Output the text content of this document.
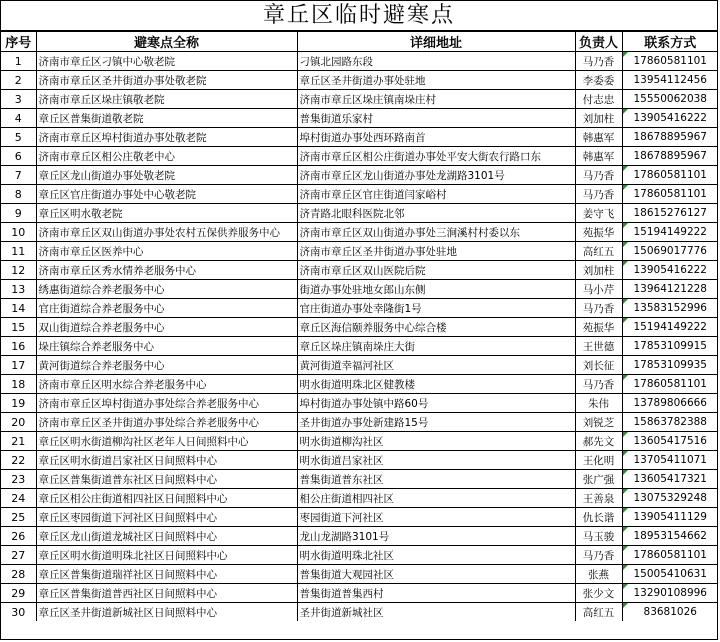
章丘区临时避寒点
序号	避寒点全称	详细地址	负责人	联系方式
1	济南市章丘区刁镇中心敬老院	刁镇北园路东段	马乃香	17860581101
2	济南市章丘区圣井街道办事处敬老院	章丘区圣井街道办事处驻地	李委委	13954112456
3	济南市章丘区垛庄镇敬老院	济南市章丘区垛庄镇南垛庄村	付志忠	15550062038
4	章丘区普集街道敬老院	普集街道乐家村	刘加柱	13905416222
5	济南市章丘区埠村街道办事处敬老院	埠村街道办事处西环路南首	韩惠军	18678895967
6	济南市章丘区相公庄敬老中心	济南市章丘区相公庄街道办事处平安大街农行路口东	韩惠军	18678895967
7	章丘区龙山街道办事处敬老院	济南市章丘区龙山街道办事处龙湖路3101号	马乃香	17860581101
8	章丘区官庄街道办事处中心敬老院	济南市章丘区官庄街道闫家峪村	马乃香	17860581101
9	章丘区明水敬老院	济青路北眼科医院北邻	姜守飞	18615276127
10	济南市章丘区双山街道办事处农村五保供养服务中心	济南市章丘区双山街道办事处三涧溪村村委以东	苑振华	15194149222
11	济南市章丘区医养中心	济南市章丘区圣井街道办事处驻地	高红五	15069017776
12	济南市章丘区秀水情养老服务中心	济南市章丘区双山医院后院	刘加柱	13905416222
13	绣惠街道综合养老服务中心	街道办事处驻地女郎山东侧	马小芹	13964121228
14	官庄街道综合养老服务中心	官庄街道办事处幸隆街1号	马乃香	13583152996
15	双山街道综合养老服务中心	章丘区海信颐养服务中心综合楼	苑振华	15194149222
16	垛庄镇综合养老服务中心	章丘区垛庄镇南垛庄大街	王世德	17853109915
17	黄河街道综合养老服务中心	黄河街道幸福河社区	刘长征	17853109935
18	济南市章丘区明水综合养老服务中心	明水街道明珠北区健教楼	马乃香	17860581101
19	济南市章丘区埠村街道办事处综合养老服务中心	埠村街道办事处镇中路60号	朱伟	13789806666
20	济南市章丘区圣井街道办事处综合养老服务中心	圣井街道办事处新建路15号	刘锐芝	15863782388
21	章丘区明水街道柳沟社区老年人日间照料中心	明水街道柳沟社区	郝先文	13605417516
22	章丘区明水街道吕家社区日间照料中心	明水街道吕家社区	王化明	13705411071
23	章丘区普集街道普东社区日间照料中心	普集街道普东社区	张广强	13605417321
24	章丘区相公庄街道相四社区日间照料中心	相公庄街道相四社区	王善泉	13075329248
25	章丘区枣园街道下河社区日间照料中心	枣园街道下河社区	仇长谐	13905411129
26	章丘区龙山街道龙城社区日间照料中心	龙山龙湖路3101号	马玉骏	18953154662
27	章丘区明水街道明珠北社区日间照料中心	明水街道明珠北社区	马乃香	17860581101
28	章丘区普集街道瑞祥社区日间照料中心	普集街道大观园社区	张燕	15005410631
29	章丘区普集街道普西社区日间照料中心	普集街道普集西村	张少文	13290108996
30	章丘区圣井街道新城社区日间照料中心	圣井街道新城社区	高红五	83681026
